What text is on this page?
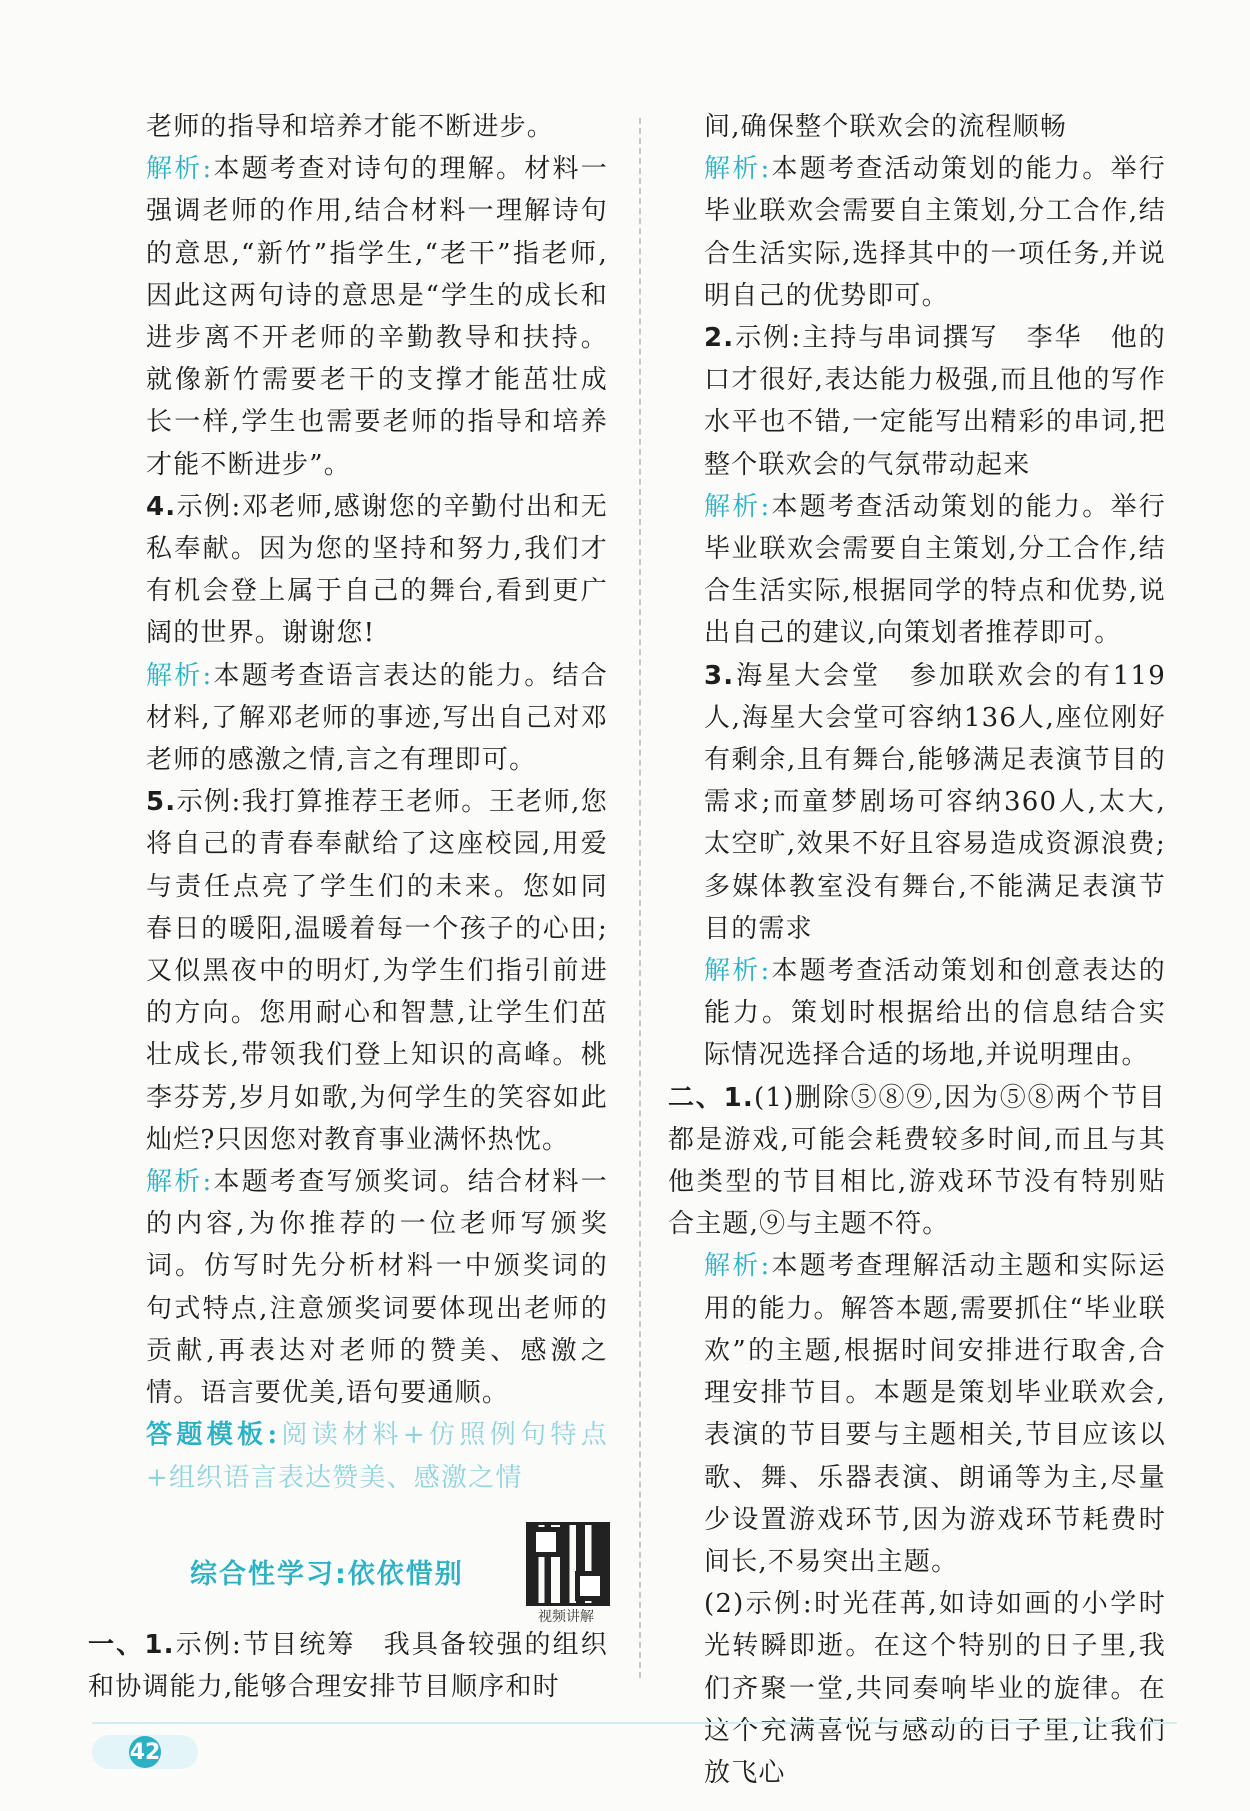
老师的指导和培养才能不断进步。

解析:本题考查对诗句的理解。材料一强调老师的作用,结合材料一理解诗句的意思,“新竹”指学生,“老干”指老师,因此这两句诗的意思是“学生的成长和进步离不开老师的辛勤教导和扶持。就像新竹需要老干的支撑才能茁壮成长一样,学生也需要老师的指导和培养才能不断进步”。

4.示例:邓老师,感谢您的辛勤付出和无私奉献。因为您的坚持和努力,我们才有机会登上属于自己的舞台,看到更广阔的世界。谢谢您!

解析:本题考查语言表达的能力。结合材料,了解邓老师的事迹,写出自己对邓老师的感激之情,言之有理即可。

5.示例:我打算推荐王老师。王老师,您将自己的青春奉献给了这座校园,用爱与责任点亮了学生们的未来。您如同春日的暖阳,温暖着每一个孩子的心田;又似黑夜中的明灯,为学生们指引前进的方向。您用耐心和智慧,让学生们茁壮成长,带领我们登上知识的高峰。桃李芬芳,岁月如歌,为何学生的笑容如此灿烂?只因您对教育事业满怀热忱。

解析:本题考查写颁奖词。结合材料一的内容,为你推荐的一位老师写颁奖词。仿写时先分析材料一中颁奖词的句式特点,注意颁奖词要体现出老师的贡献,再表达对老师的赞美、感激之情。语言要优美,语句要通顺。

答题模板:阅读材料+仿照例句特点+组织语言表达赞美、感激之情

综合性学习:依依惜别
视频讲解

一、1.示例:节目统筹　我具备较强的组织和协调能力,能够合理安排节目顺序和时

间,确保整个联欢会的流程顺畅

解析:本题考查活动策划的能力。举行毕业联欢会需要自主策划,分工合作,结合生活实际,选择其中的一项任务,并说明自己的优势即可。

2.示例:主持与串词撰写　李华　他的口才很好,表达能力极强,而且他的写作水平也不错,一定能写出精彩的串词,把整个联欢会的气氛带动起来

解析:本题考查活动策划的能力。举行毕业联欢会需要自主策划,分工合作,结合生活实际,根据同学的特点和优势,说出自己的建议,向策划者推荐即可。

3.海星大会堂　参加联欢会的有119人,海星大会堂可容纳136人,座位刚好有剩余,且有舞台,能够满足表演节目的需求;而童梦剧场可容纳360人,太大,太空旷,效果不好且容易造成资源浪费;多媒体教室没有舞台,不能满足表演节目的需求

解析:本题考查活动策划和创意表达的能力。策划时根据给出的信息结合实际情况选择合适的场地,并说明理由。

二、1.(1)删除⑤⑧⑨,因为⑤⑧两个节目都是游戏,可能会耗费较多时间,而且与其他类型的节目相比,游戏环节没有特别贴合主题,⑨与主题不符。

解析:本题考查理解活动主题和实际运用的能力。解答本题,需要抓住“毕业联欢”的主题,根据时间安排进行取舍,合理安排节目。本题是策划毕业联欢会,表演的节目要与主题相关,节目应该以歌、舞、乐器表演、朗诵等为主,尽量少设置游戏环节,因为游戏环节耗费时间长,不易突出主题。

(2)示例:时光荏苒,如诗如画的小学时光转瞬即逝。在这个特别的日子里,我们齐聚一堂,共同奏响毕业的旋律。在这个充满喜悦与感动的日子里,让我们放飞心

42
